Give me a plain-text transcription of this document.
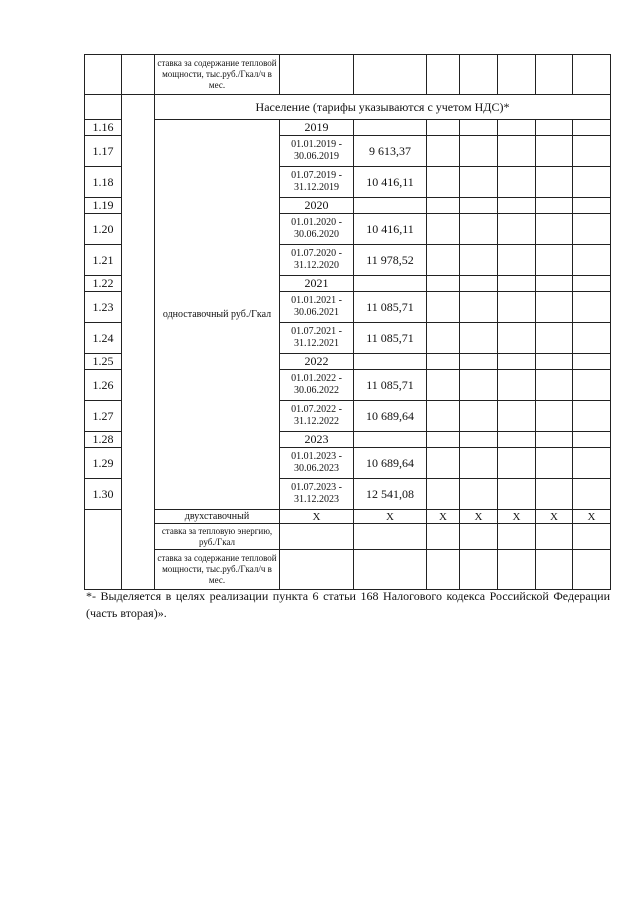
		ставка за содержание тепловой мощности, тыс.руб./Гкал/ч в мес.							
		Население (тарифы указываются с учетом НДС)*							
1.16		одноставочный руб./Гкал	2019						
1.17			01.01.2019 - 30.06.2019	9 613,37					
1.18			01.07.2019 - 31.12.2019	10 416,11					
1.19			2020						
1.20			01.01.2020 - 30.06.2020	10 416,11					
1.21			01.07.2020 - 31.12.2020	11 978,52					
1.22			2021						
1.23			01.01.2021 - 30.06.2021	11 085,71					
1.24			01.07.2021 - 31.12.2021	11 085,71					
1.25			2022						
1.26			01.01.2022 - 30.06.2022	11 085,71					
1.27			01.07.2022 - 31.12.2022	10 689,64					
1.28			2023						
1.29			01.01.2023 - 30.06.2023	10 689,64					
1.30			01.07.2023 - 31.12.2023	12 541,08					
		двухставочный	X	X	X	X	X	X	X
		ставка за тепловую энергию, руб./Гкал							
		ставка за содержание тепловой мощности, тыс.руб./Гкал/ч в мес.							
*- Выделяется в целях реализации пункта 6 статьи 168 Налогового кодекса Российской Федерации (часть вторая)».
